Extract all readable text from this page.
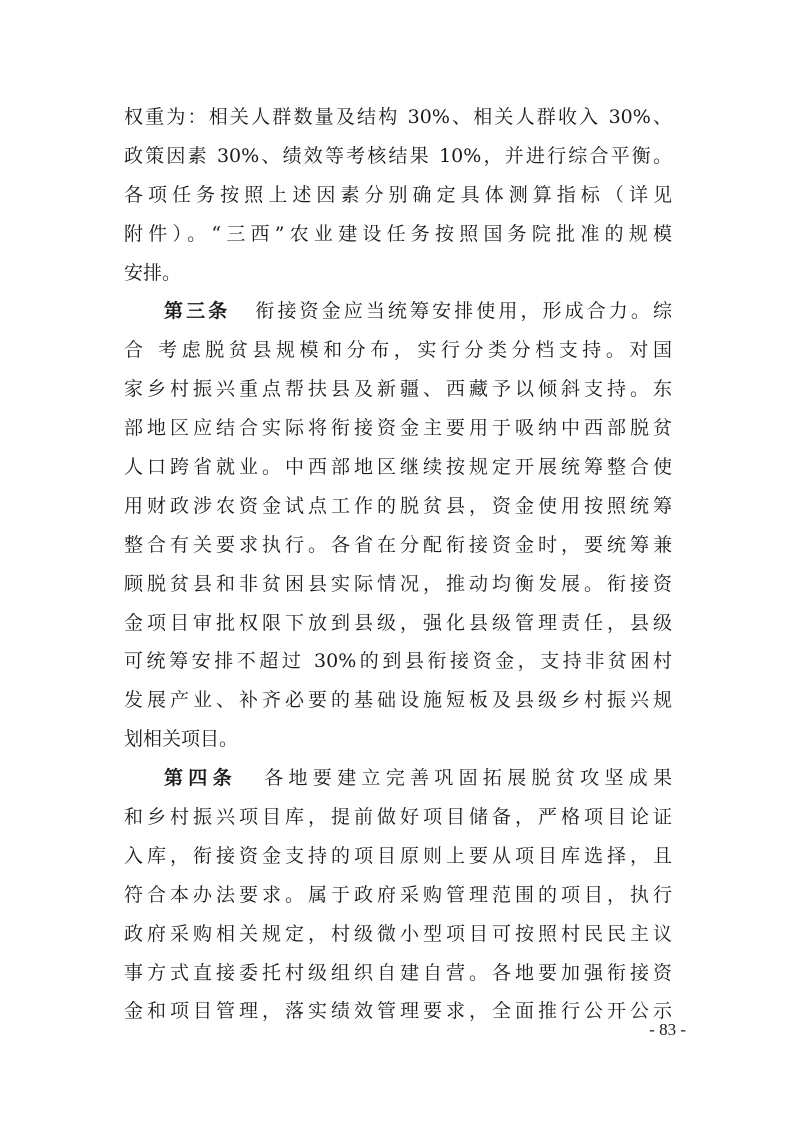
权重为：相关人群数量及结构 30%、相关人群收入 30%、
政策因素 30%、绩效等考核结果 10%，并进行综合平衡。
各项任务按照上述因素分别确定具体测算指标（详见
附件）。“三西”农业建设任务按照国务院批准的规模
安排。
第三条 衔接资金应当统筹安排使用，形成合力。综
合 考虑脱贫县规模和分布，实行分类分档支持。对国
家乡村振兴重点帮扶县及新疆、西藏予以倾斜支持。东
部地区应结合实际将衔接资金主要用于吸纳中西部脱贫
人口跨省就业。中西部地区继续按规定开展统筹整合使
用财政涉农资金试点工作的脱贫县，资金使用按照统筹
整合有关要求执行。各省在分配衔接资金时，要统筹兼
顾脱贫县和非贫困县实际情况，推动均衡发展。衔接资
金项目审批权限下放到县级，强化县级管理责任，县级
可统筹安排不超过 30%的到县衔接资金，支持非贫困村
发展产业、补齐必要的基础设施短板及县级乡村振兴规
划相关项目。
第四条 各地要建立完善巩固拓展脱贫攻坚成果
和乡村振兴项目库，提前做好项目储备，严格项目论证
入库，衔接资金支持的项目原则上要从项目库选择，且
符合本办法要求。属于政府采购管理范围的项目，执行
政府采购相关规定，村级微小型项目可按照村民民主议
事方式直接委托村级组织自建自营。各地要加强衔接资
金和项目管理，落实绩效管理要求，全面推行公开公示
- 83 -
